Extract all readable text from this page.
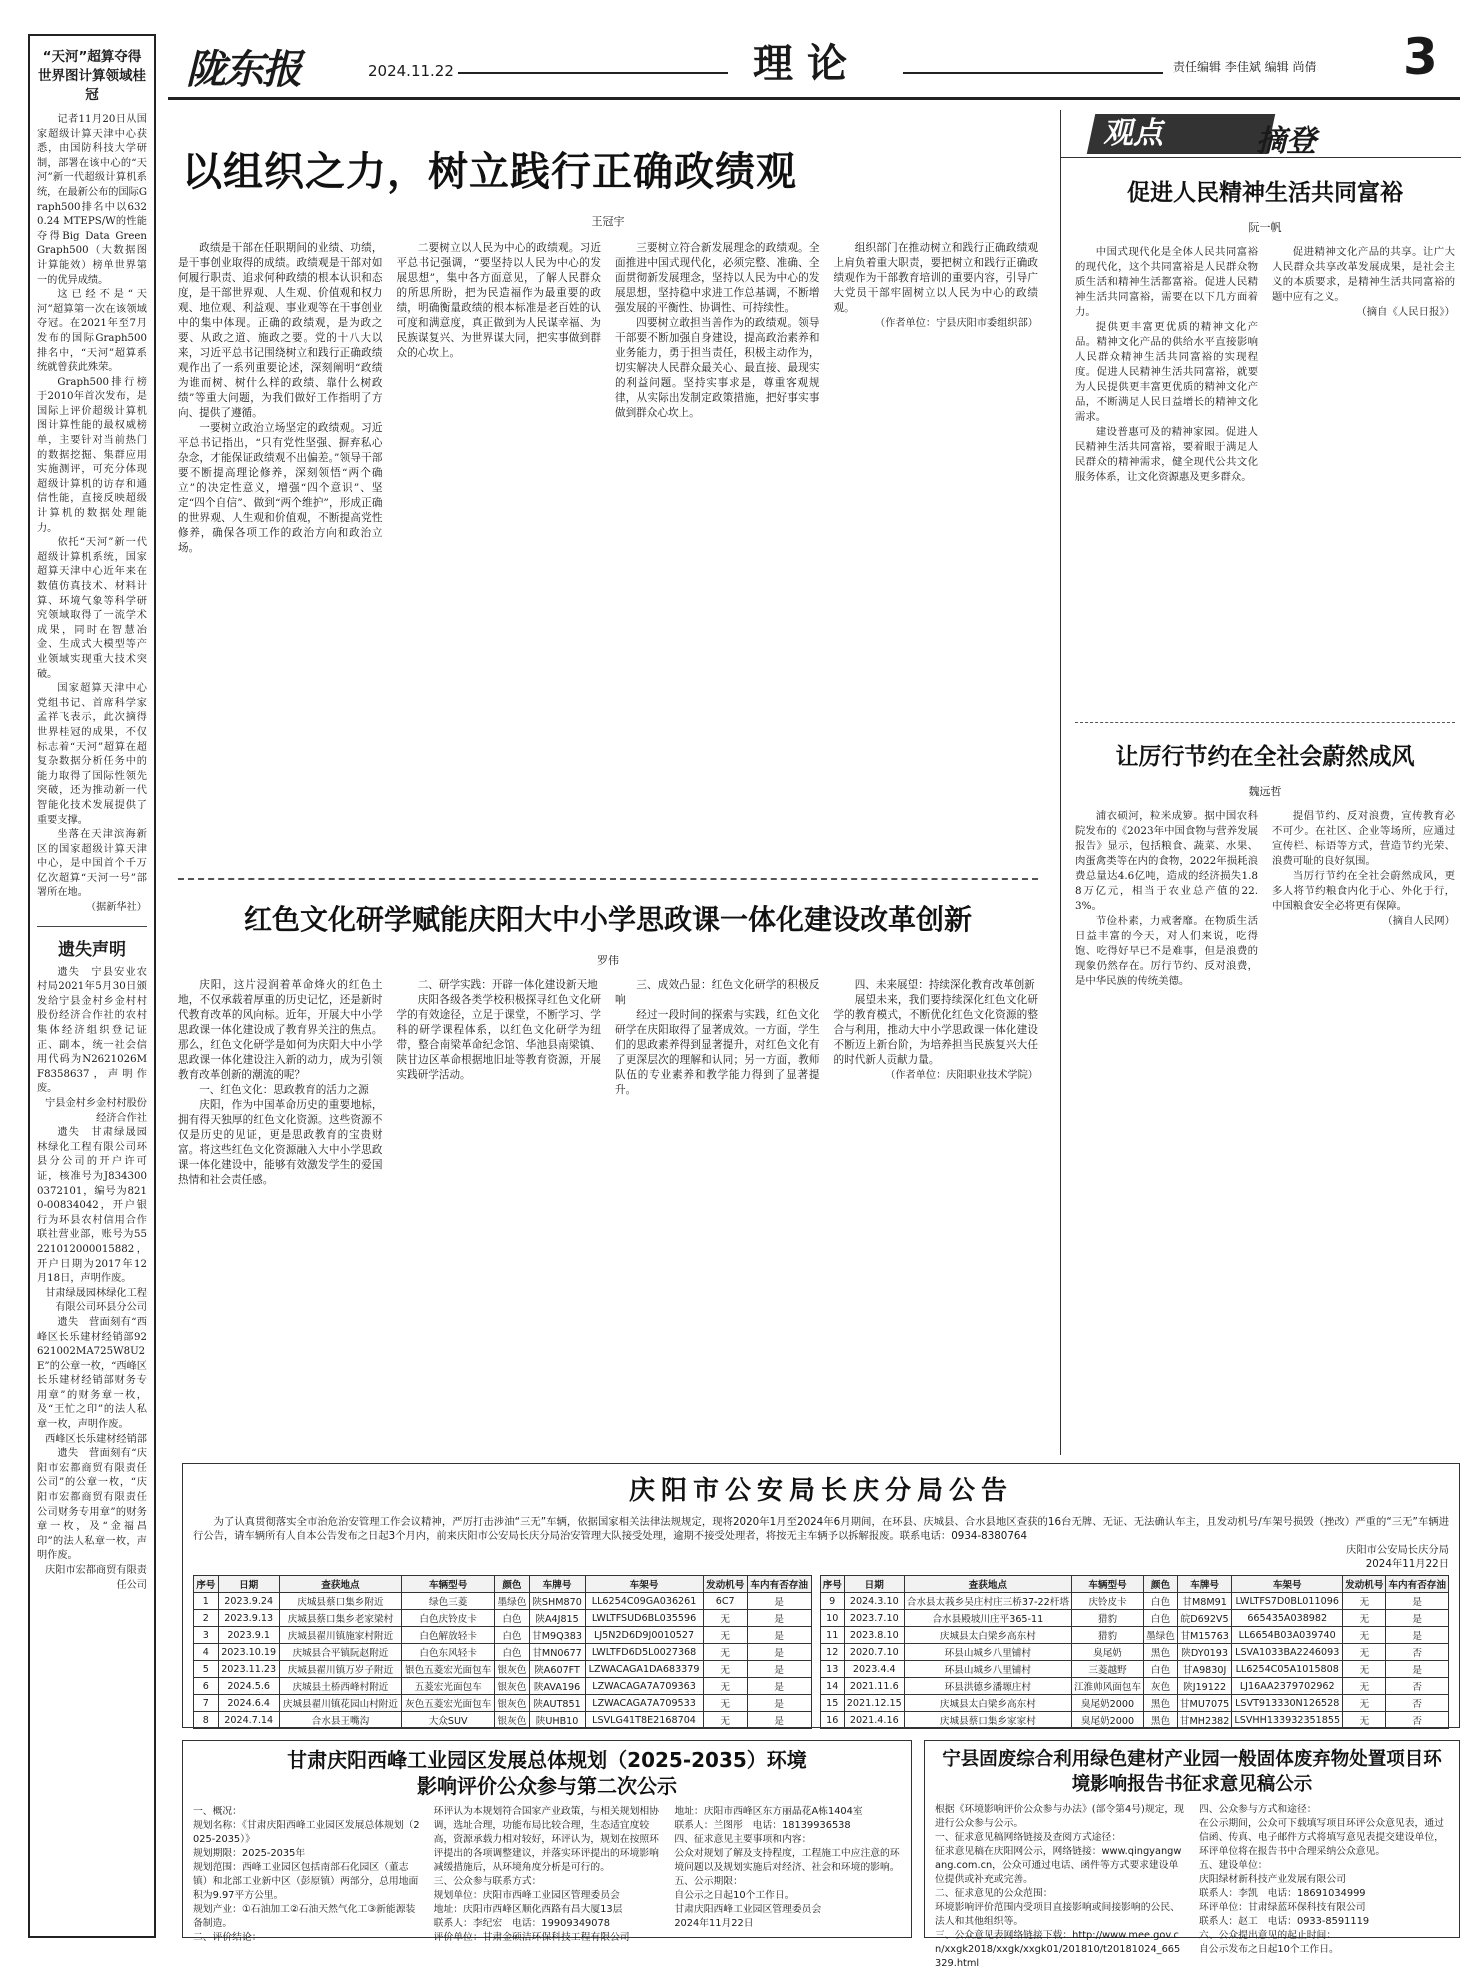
“天河”超算夺得世界图计算领域桂冠

记者11月20日从国家超级计算天津中心获悉，由国防科技大学研制，部署在该中心的“天河”新一代超级计算机系统，在最新公布的国际Graph500排名中以6320.24 MTEPS/W的性能夺得Big Data Green Graph500（大数据图计算能效）榜单世界第一的优异成绩。

这已经不是“天河”超算第一次在该领域夺冠。在2021年至7月发布的国际Graph500排名中，“天河”超算系统就曾获此殊荣。

Graph500排行榜于2010年首次发布，是国际上评价超级计算机图计算性能的最权威榜单，主要针对当前热门的数据挖掘、集群应用实施测评，可充分体现超级计算机的访存和通信性能，直接反映超级计算机的数据处理能力。

依托“天河”新一代超级计算机系统，国家超算天津中心近年来在数值仿真技术、材料计算、环境气象等科学研究领域取得了一流学术成果，同时在智慧冶金、生成式大模型等产业领域实现重大技术突破。

国家超算天津中心党组书记、首席科学家孟祥飞表示，此次摘得世界桂冠的成果，不仅标志着“天河”超算在超复杂数据分析任务中的能力取得了国际性领先突破，还为推动新一代智能化技术发展提供了重要支撑。

坐落在天津滨海新区的国家超级计算天津中心，是中国首个千万亿次超算“天河一号”部署所在地。

（据新华社）

遗失声明

遗失　宁县安业农村局2021年5月30日颁发给宁县金村乡金村村股份经济合作社的农村集体经济组织登记证正、副本，统一社会信用代码为N2621026MF8358637，声明作废。

宁县金村乡金村村股份经济合作社

遗失　甘肃绿晟园林绿化工程有限公司环县分公司的开户许可证，核准号为J8343000372101，编号为8210-00834042，开户银行为环县农村信用合作联社营业部，账号为55221012000015882，开户日期为2017年12月18日，声明作废。

甘肃绿晟园林绿化工程有限公司环县分公司

遗失　营面刻有“西峰区长乐建材经销部92621002MA725W8U2E”的公章一枚，“西峰区长乐建材经销部财务专用章”的财务章一枚，及“王忙之印”的法人私章一枚，声明作废。

西峰区长乐建材经销部

遗失　营面刻有“庆阳市宏都商贸有限责任公司”的公章一枚，“庆阳市宏都商贸有限责任公司财务专用章”的财务章一枚，及“金福昌印”的法人私章一枚，声明作废。

庆阳市宏都商贸有限责任公司

陇东报	2024.11.22	理论	责任编辑 李佳斌 编辑 尚倩 3
以组织之力，树立践行正确政绩观
王冠宇

政绩是干部在任职期间的业绩、功绩，是干事创业取得的成绩。政绩观是干部对如何履行职责、追求何种政绩的根本认识和态度，是干部世界观、人生观、价值观和权力观、地位观、利益观、事业观等在干事创业中的集中体现。正确的政绩观，是为政之要、从政之道、施政之要。党的十八大以来，习近平总书记围绕树立和践行正确政绩观作出了一系列重要论述，深刻阐明“政绩为谁而树、树什么样的政绩、靠什么树政绩”等重大问题，为我们做好工作指明了方向、提供了遵循。

一要树立政治立场坚定的政绩观。习近平总书记指出，“只有党性坚强、摒弃私心杂念，才能保证政绩观不出偏差。”领导干部要不断提高理论修养，深刻领悟“两个确立”的决定性意义，增强“四个意识”、坚定“四个自信”、做到“两个维护”，形成正确的世界观、人生观和价值观，不断提高党性修养，确保各项工作的政治方向和政治立场。

二要树立以人民为中心的政绩观。习近平总书记强调，“要坚持以人民为中心的发展思想”，集中各方面意见，了解人民群众的所思所盼，把为民造福作为最重要的政绩，明确衡量政绩的根本标准是老百姓的认可度和满意度，真正做到为人民谋幸福、为民族谋复兴、为世界谋大同，把实事做到群众的心坎上。

三要树立符合新发展理念的政绩观。全面推进中国式现代化，必须完整、准确、全面贯彻新发展理念，坚持以人民为中心的发展思想，坚持稳中求进工作总基调，不断增强发展的平衡性、协调性、可持续性。

四要树立敢担当善作为的政绩观。领导干部要不断加强自身建设，提高政治素养和业务能力，勇于担当责任，积极主动作为，切实解决人民群众最关心、最直接、最现实的利益问题。坚持实事求是，尊重客观规律，从实际出发制定政策措施，把好事实事做到群众心坎上。

组织部门在推动树立和践行正确政绩观上肩负着重大职责，要把树立和践行正确政绩观作为干部教育培训的重要内容，引导广大党员干部牢固树立以人民为中心的政绩观。

（作者单位：宁县庆阳市委组织部）

红色文化研学赋能庆阳大中小学思政课一体化建设改革创新
罗伟

庆阳，这片浸润着革命烽火的红色土地，不仅承载着厚重的历史记忆，还是新时代教育改革的风向标。近年，开展大中小学思政课一体化建设成了教育界关注的焦点。那么，红色文化研学是如何为庆阳大中小学思政课一体化建设注入新的动力，成为引领教育改革创新的潮流的呢？

一、红色文化：思政教育的活力之源

庆阳，作为中国革命历史的重要地标，拥有得天独厚的红色文化资源。这些资源不仅是历史的见证，更是思政教育的宝贵财富。将这些红色文化资源融入大中小学思政课一体化建设中，能够有效激发学生的爱国热情和社会责任感。

二、研学实践：开辟一体化建设新天地

庆阳各级各类学校积极探寻红色文化研学的有效途径，立足于课堂，不断学习、学科的研学课程体系，以红色文化研学为纽带，整合南梁革命纪念馆、华池县南梁镇、陕甘边区革命根据地旧址等教育资源，开展实践研学活动。

三、成效凸显：红色文化研学的积极反响

经过一段时间的探索与实践，红色文化研学在庆阳取得了显著成效。一方面，学生们的思政素养得到显著提升，对红色文化有了更深层次的理解和认同；另一方面，教师队伍的专业素养和教学能力得到了显著提升。

四、未来展望：持续深化教育改革创新

展望未来，我们要持续深化红色文化研学的教育模式，不断优化红色文化资源的整合与利用，推动大中小学思政课一体化建设不断迈上新台阶，为培养担当民族复兴大任的时代新人贡献力量。

（作者单位：庆阳职业技术学院）

观点	摘登
促进人民精神生活共同富裕
阮一帆

中国式现代化是全体人民共同富裕的现代化，这个共同富裕是人民群众物质生活和精神生活都富裕。促进人民精神生活共同富裕，需要在以下几方面着力。

提供更丰富更优质的精神文化产品。精神文化产品的供给水平直接影响人民群众精神生活共同富裕的实现程度。促进人民精神生活共同富裕，就要为人民提供更丰富更优质的精神文化产品，不断满足人民日益增长的精神文化需求。

建设普惠可及的精神家园。促进人民精神生活共同富裕，要着眼于满足人民群众的精神需求，健全现代公共文化服务体系，让文化资源惠及更多群众。

促进精神文化产品的共享。让广大人民群众共享改革发展成果，是社会主义的本质要求，是精神生活共同富裕的题中应有之义。

（摘自《人民日报》）

让厉行节约在全社会蔚然成风
魏远哲

浦衣硕河，粒米成箩。据中国农科院发布的《2023年中国食物与营养发展报告》显示，包括粮食、蔬菜、水果、肉蛋禽类等在内的食物，2022年损耗浪费总量达4.6亿吨，造成的经济损失1.88万亿元，相当于农业总产值的22.3%。

节俭朴素，力戒奢靡。在物质生活日益丰富的今天，对人们来说，吃得饱、吃得好早已不是难事，但是浪费的现象仍然存在。厉行节约、反对浪费，是中华民族的传统美德。

提倡节约、反对浪费，宣传教育必不可少。在社区、企业等场所，应通过宣传栏、标语等方式，营造节约光荣、浪费可耻的良好氛围。

当厉行节约在全社会蔚然成风，更多人将节约粮食内化于心、外化于行，中国粮食安全必将更有保障。

（摘自人民网）

庆阳市公安局长庆分局公告

为了认真贯彻落实全市治危治安管理工作会议精神，严厉打击涉油“三无”车辆，依据国家相关法律法规规定，现将2020年1月至2024年6月期间，在环县、庆城县、合水县地区查获的16台无牌、无证、无法确认车主，且发动机号/车架号损毁（挫改）严重的“三无”车辆进行公告，请车辆所有人自本公告发布之日起3个月内，前来庆阳市公安局长庆分局治安管理大队接受处理，逾期不接受处理者，将按无主车辆予以拆解报废。联系电话：0934-8380764

庆阳市公安局长庆分局
2024年11月22日
序号	日期	查获地点	车辆型号	颜色	车牌号	车架号	发动机号	车内有否存油
1	2023.9.24	庆城县蔡口集乡附近	绿色三菱	墨绿色	陕SHM870	LL6254C09GA036261	6C7	是
2	2023.9.13	庆城县蔡口集乡老家梁村	白色庆铃皮卡	白色	陕A4J815	LWLTFSUD6BL035596	无	是
3	2023.9.1	庆城县翟川镇施家村附近	白色解放轻卡	白色	甘M9Q383	LJ5N2D6D9J0010527	无	是
4	2023.10.19	庆城县合平镇阮赵附近	白色东风轻卡	白色	甘MN0677	LWLTFD6D5L0027368	无	是
5	2023.11.23	庆城县翟川镇万岁子附近	银色五菱宏光面包车	银灰色	陕A607FT	LZWACAGA1DA683379	无	是
6	2024.5.6	庆城县土桥西峰村附近	五菱宏光面包车	银灰色	陕AVA196	LZWACAGA7A709363	无	是
7	2024.6.4	庆城县翟川镇花园山村附近	灰色五菱宏光面包车	银灰色	陕AUT851	LZWACAGA7A709533	无	是
8	2024.7.14	合水县王嘴沟	大众SUV	银灰色	陕UHB10	LSVLG41T8E2168704	无	是
序号	日期	查获地点	车辆型号	颜色	车牌号	车架号	发动机号	车内有否存油
9	2024.3.10	合水县太莪乡吴庄村庄三桥37-22杆塔	庆铃皮卡	白色	甘M8M91	LWLTFS7D0BL011096	无	是
10	2023.7.10	合水县殿坡川庄平365-11	猎豹	白色	皖D692V5	665435A038982	无	是
11	2023.8.10	庆城县太白梁乡高东村	猎豹	墨绿色	甘M15763	LL6654B03A039740	无	是
12	2020.7.10	环县山城乡八里铺村	臭尾奶	黑色	陕DY0193	LSVA1033BA2246093	无	否
13	2023.4.4	环县山城乡八里铺村	三菱越野	白色	甘A9830J	LL6254C05A1015808	无	是
14	2021.11.6	环县洪德乡潘塬庄村	江淮帅风面包车	灰色	陕J19122	LJ16AA2379702962	无	否
15	2021.12.15	庆城县太白梁乡高东村	臭尾奶2000	黑色	甘MU7075	LSVT913330N126528	无	否
16	2021.4.16	庆城县蔡口集乡家家村	臭尾奶2000	黑色	甘MH2382	LSVHH133932351855	无	否
甘肃庆阳西峰工业园区发展总体规划（2025-2035）环境影响评价公众参与第二次公示
一、概况：
规划名称：《甘肃庆阳西峰工业园区发展总体规划（2025-2035）》
规划期限：2025-2035年
规划范围：西峰工业园区包括南部石化园区（董志镇）和北部工业新中区（彭原镇）两部分，总用地面积为9.97平方公里。
规划产业：①石油加工②石油天然气化工③新能源装备制造。
二、评价结论：
环评认为本规划符合国家产业政策，与相关规划相协调，选址合理，功能布局比较合理，生态适宜度较高，资源承载力相对较好，环评认为，规划在按照环评提出的各项调整建议，并落实环评提出的环境影响减缓措施后，从环境角度分析是可行的。
三、公众参与联系方式：
规划单位：庆阳市西峰工业园区管理委员会
地址：庆阳市西峰区顺化西路有昌大厦13层
联系人：李纪宏　电话：19909349078
评价单位：甘肃金硕洁环保科技工程有限公司
地址：庆阳市西峰区东方丽晶花A栋1404室
联系人：兰图彤　电话：18139936538
四、征求意见主要事项和内容：
公众对规划了解及支持程度，工程施工中应注意的环境问题以及规划实施后对经济、社会和环境的影响。
五、公示期限：
自公示之日起10个工作日。
甘肃庆阳西峰工业园区管理委员会
2024年11月22日
宁县固废综合利用绿色建材产业园一般固体废弃物处置项目环境影响报告书征求意见稿公示
根据《环境影响评价公众参与办法》(部令第4号)规定，现进行公众参与公示。
一、征求意见稿网络链接及查阅方式途径：
征求意见稿在庆阳网公示，网络链接：www.qingyangwang.com.cn，公众可通过电话、函件等方式要求建设单位提供或补充或完善。
二、征求意见的公众范围：
环境影响评价范围内受项目直接影响或间接影响的公民、法人和其他组织等。
三、公众意见表网络链接下载：http://www.mee.gov.cn/xxgk2018/xxgk/xxgk01/201810/t20181024_665329.html
四、公众参与方式和途径：
在公示期间，公众可下载填写项目环评公众意见表，通过信函、传真、电子邮件方式将填写意见表提交建设单位，环评单位将在报告书中合理采纳公众意见。
五、建设单位：
庆阳绿材新科技产业发展有限公司
联系人：李凯　电话：18691034999
环评单位：甘肃绿蓝环保科技有限公司
联系人：赵工　电话：0933-8591119
六、公众提出意见的起止时间：
自公示发布之日起10个工作日。
